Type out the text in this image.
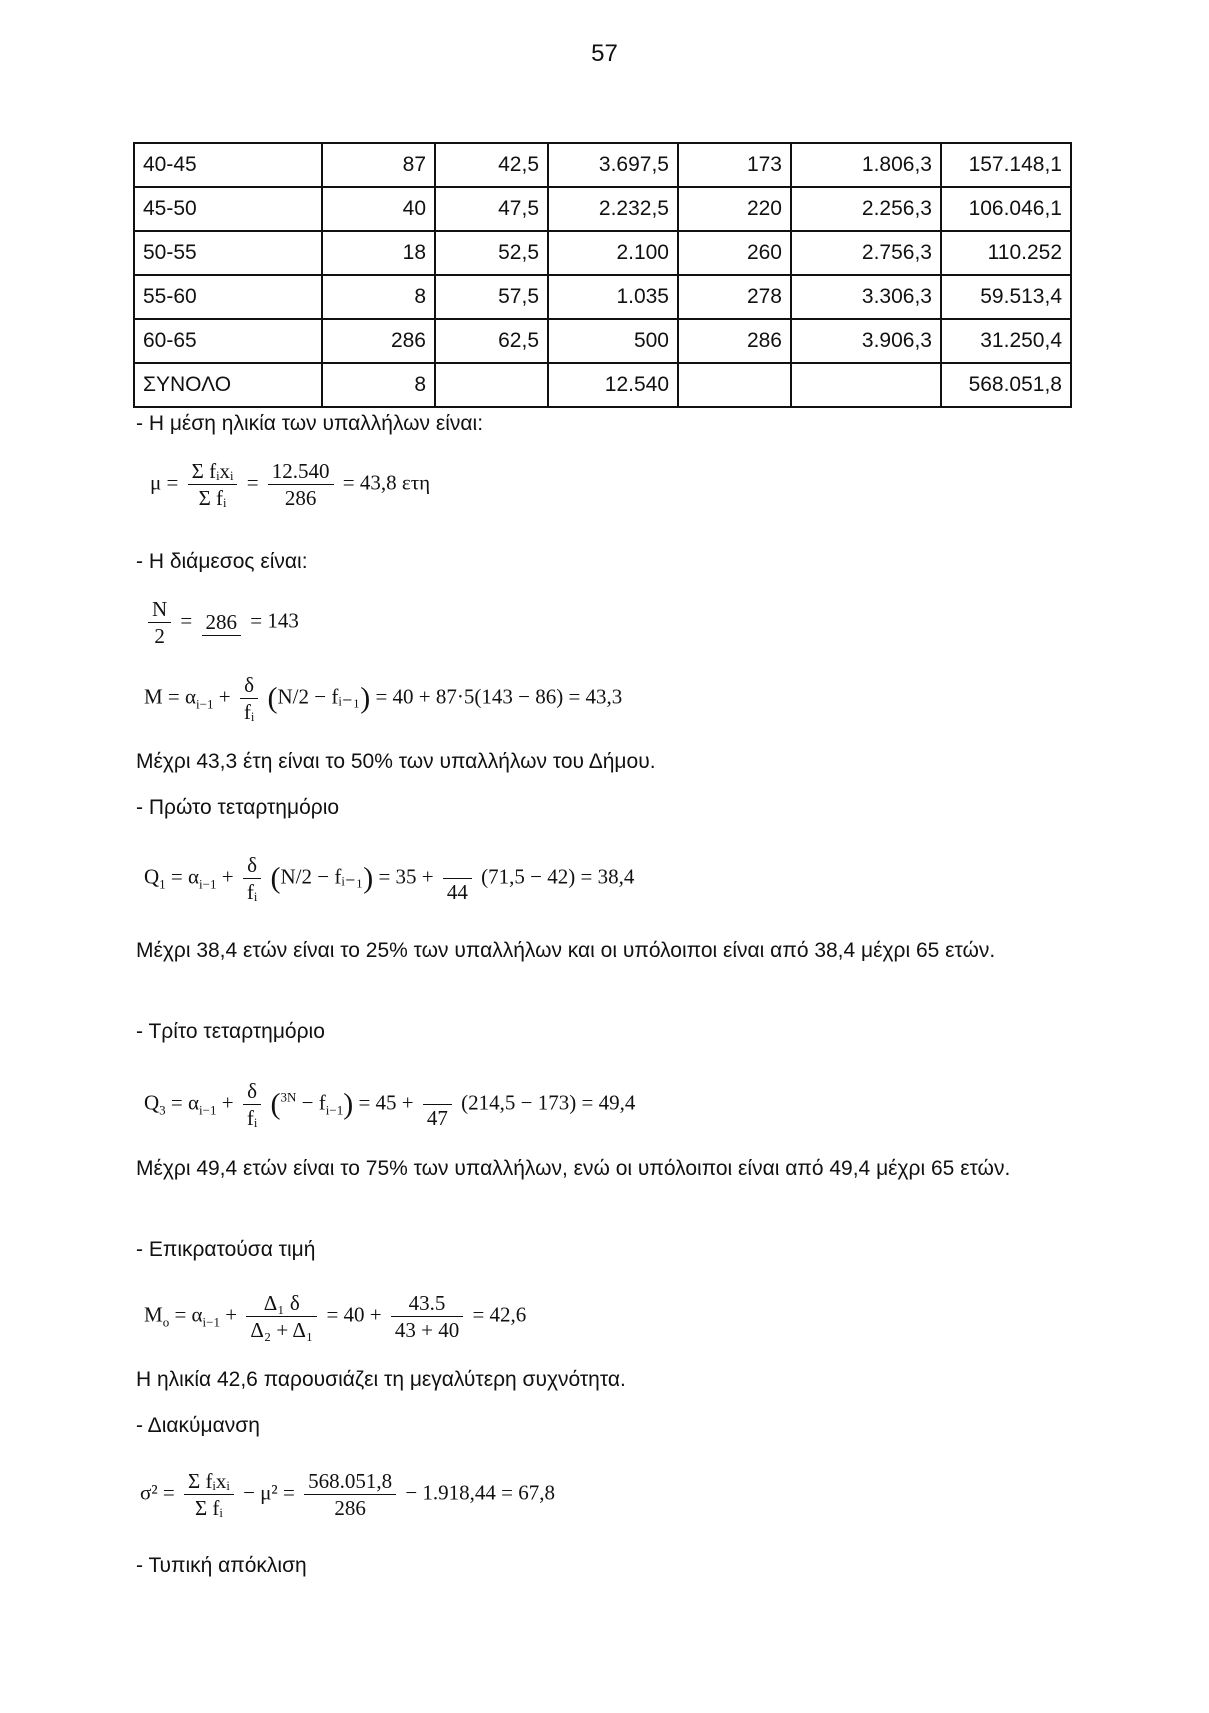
57
40-45	87	42,5	3.697,5	173	1.806,3	157.148,1
45-50	40	47,5	2.232,5	220	2.256,3	106.046,1
50-55	18	52,5	2.100	260	2.756,3	110.252
55-60	8	57,5	1.035	278	3.306,3	59.513,4
60-65	286	62,5	500	286	3.906,3	31.250,4
ΣΥΝΟΛΟ	8		12.540			568.051,8
- Η μέση ηλικία των υπαλλήλων είναι:
$\mu = \frac{\text{Σ fᵢxᵢ}}{\text{Σ fᵢ}} = \frac{12.540}{286} = 43,8$ ετη
- Η διάμεσος είναι:
$\frac{N}{2} = 286 = 143$
$M = \alpha_{i-1} + \frac{\delta}{\text{fᵢ}} (N/2$ − fᵢ₋₁) = 40 + 87·5(143 − 86) = 43,3
Μέχρι 43,3 έτη είναι το 50% των υπαλλήλων του Δήμου.
- Πρώτο τεταρτημόριο
$Q_1 = \alpha_{i-1} + \frac{\delta}{\text{fᵢ}} (N/2$ − fᵢ₋₁) = 35 +

44
(71,5 − 42) = 38,4
Μέχρι 38,4 ετών είναι το 25% των υπαλλήλων και οι υπόλοιποι είναι από 38,4 μέχρι 65 ετών.
- Τρίτο τεταρτημόριο
$Q_3 = \alpha_{i-1} + \frac{\delta}{\text{fᵢ}} (^{3N} - f_{i-1}) = 45$ +

47
(214,5 − 173) = 49,4
Μέχρι 49,4 ετών είναι το 75% των υπαλλήλων, ενώ οι υπόλοιποι είναι από 49,4 μέχρι 65 ετών.
- Επικρατούσα τιμή
$M_o = \alpha_{i-1} + \frac{\text{Δ₁ δ}}{\text{Δ₂ + Δ₁}} = 40 + \frac{43.5}{43 + 40} = 42,6$
Η ηλικία 42,6 παρουσιάζει τη μεγαλύτερη συχνότητα.
- Διακύμανση
$\sigma^2 = \frac{\text{Σ fᵢxᵢ}}{\text{Σ fᵢ}} - \mu^2 = \frac{568.051,8}{286} - 1.918,44 = 67,8$
- Τυπική απόκλιση
